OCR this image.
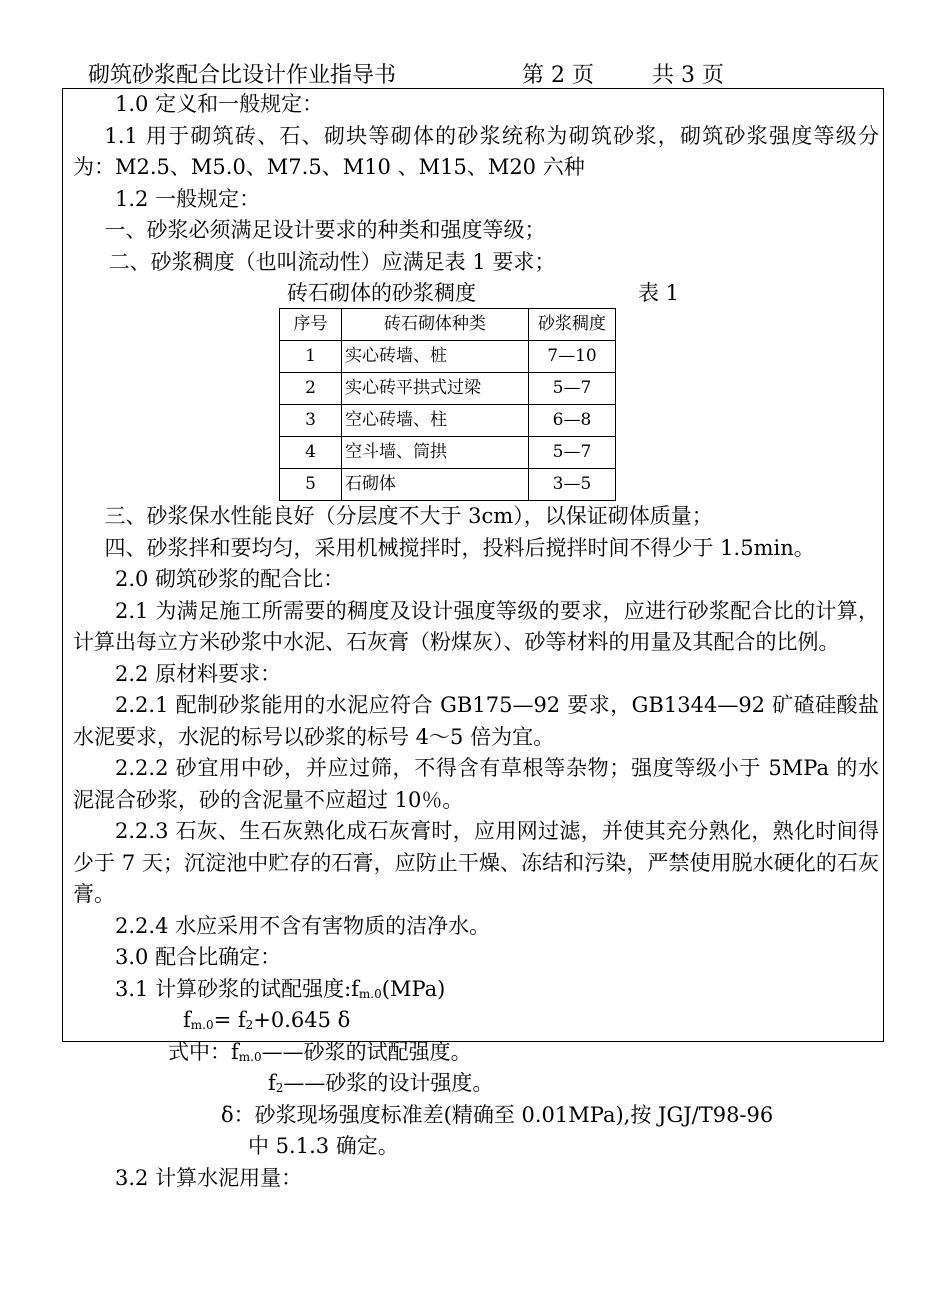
砌筑砂浆配合比设计作业指导书	第 2 页	共 3 页

1.0 定义和一般规定：

1.1 用于砌筑砖、石、砌块等砌体的砂浆统称为砌筑砂浆，砌筑砂浆强度等级分为：M2.5、M5.0、M7.5、M10 、M15、M20 六种

1.2 一般规定：

一、砂浆必须满足设计要求的种类和强度等级；

二、砂浆稠度（也叫流动性）应满足表 1 要求；

砖石砌体的砂浆稠度	表 1
序号	砖石砌体种类	砂浆稠度
1	实心砖墙、桩	7—10
2	实心砖平拱式过梁	5—7
3	空心砖墙、柱	6—8
4	空斗墙、筒拱	5—7
5	石砌体	3—5

三、砂浆保水性能良好（分层度不大于 3cm），以保证砌体质量；

四、砂浆拌和要均匀，采用机械搅拌时，投料后搅拌时间不得少于 1.5min。

2.0 砌筑砂浆的配合比：

2.1 为满足施工所需要的稠度及设计强度等级的要求，应进行砂浆配合比的计算，计算出每立方米砂浆中水泥、石灰膏（粉煤灰）、砂等材料的用量及其配合的比例。

2.2 原材料要求：

2.2.1 配制砂浆能用的水泥应符合 GB175—92 要求，GB1344—92 矿碴硅酸盐水泥要求，水泥的标号以砂浆的标号 4～5 倍为宜。

2.2.2 砂宜用中砂，并应过筛，不得含有草根等杂物；强度等级小于 5MPa 的水泥混合砂浆，砂的含泥量不应超过 10％。

2.2.3 石灰、生石灰熟化成石灰膏时，应用网过滤，并使其充分熟化，熟化时间得少于 7 天；沉淀池中贮存的石膏，应防止干燥、冻结和污染，严禁使用脱水硬化的石灰膏。

2.2.4 水应采用不含有害物质的洁净水。

3.0 配合比确定：

3.1 计算砂浆的试配强度$:f_{m.0}(MPa)$

$f_{m.0}= f_2+0.645$ δ

式中：$f_{m.0}——$砂浆的试配强度。

$f_2——$砂浆的设计强度。

δ：砂浆现场强度标准差(精确至 0.01MPa),按 JGJ/T98-96

中 5.1.3 确定。

3.2 计算水泥用量：
